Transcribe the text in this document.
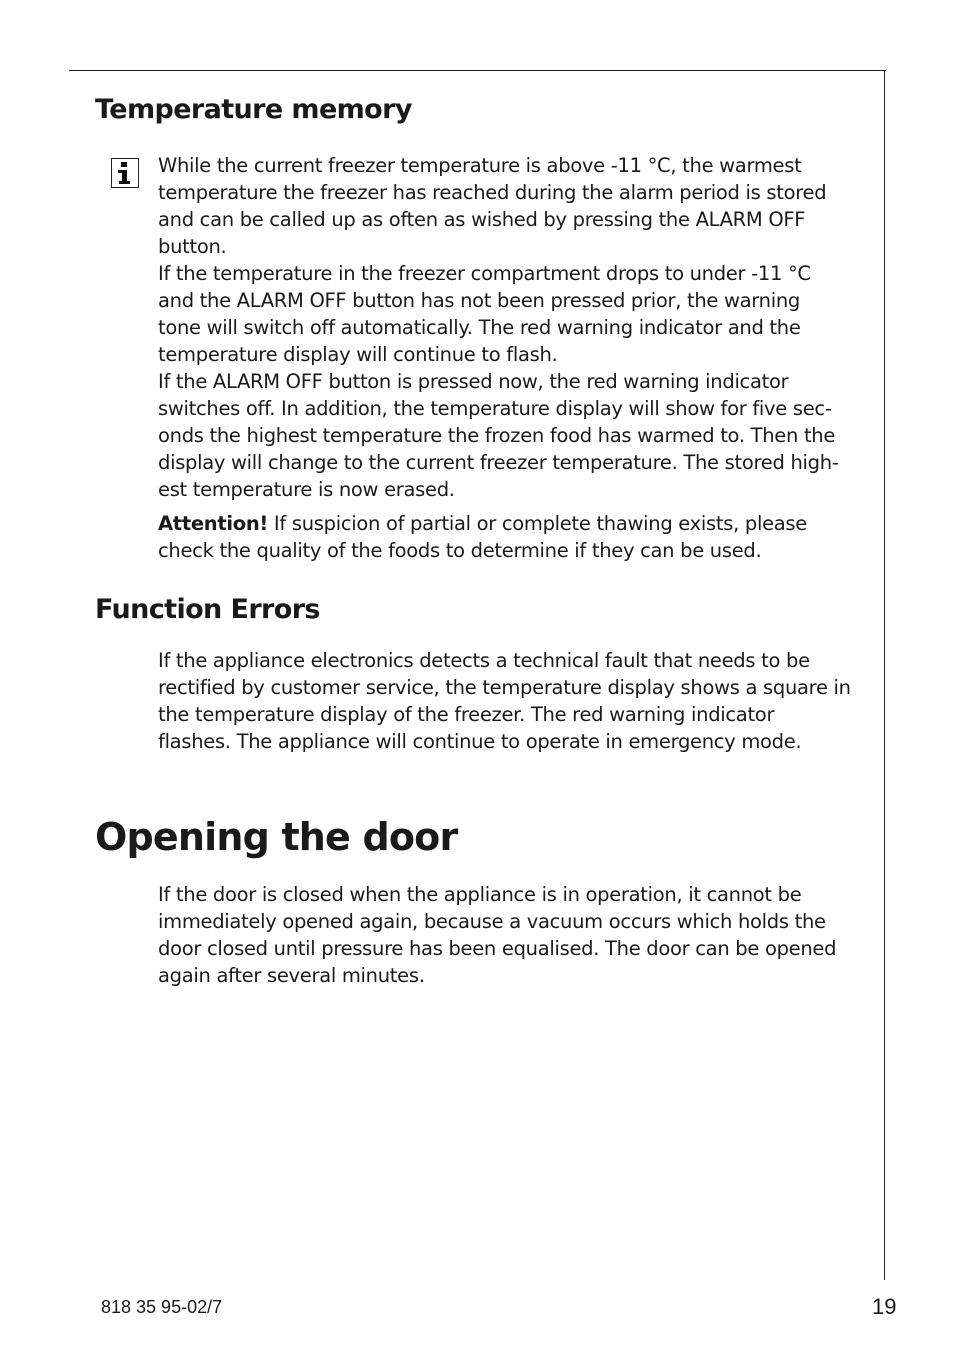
Temperature memory
While the current freezer temperature is above -11 °C, the warmest
temperature the freezer has reached during the alarm period is stored
and can be called up as often as wished by pressing the ALARM OFF
button.
If the temperature in the freezer compartment drops to under -11 °C
and the ALARM OFF button has not been pressed prior, the warning
tone will switch off automatically. The red warning indicator and the
temperature display will continue to flash.
If the ALARM OFF button is pressed now, the red warning indicator
switches off. In addition, the temperature display will show for five sec-
onds the highest temperature the frozen food has warmed to. Then the
display will change to the current freezer temperature. The stored high-
est temperature is now erased.
Attention! If suspicion of partial or complete thawing exists, please
check the quality of the foods to determine if they can be used.
Function Errors
If the appliance electronics detects a technical fault that needs to be
rectified by customer service, the temperature display shows a square in
the temperature display of the freezer. The red warning indicator
flashes. The appliance will continue to operate in emergency mode.
Opening the door
If the door is closed when the appliance is in operation, it cannot be
immediately opened again, because a vacuum occurs which holds the
door closed until pressure has been equalised. The door can be opened
again after several minutes.
818 35 95-02/7	19
